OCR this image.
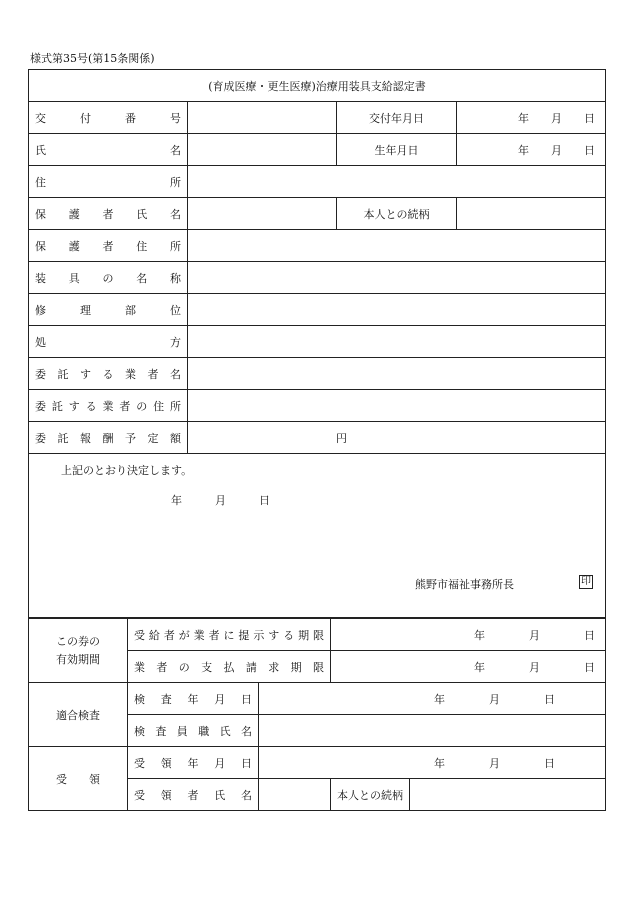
様式第35号(第15条関係)
(育成医療・更生医療)治療用装具支給認定書			
交付番号		交付年月日	年　　月　　日
氏名		生年月日	年　　月　　日
住所			
保護者氏名		本人との続柄	
保護者住所			
装具の名称			
修理部位			
処方			
委託する業者名			
委託する業者の住所			
委託報酬予定額	円		

上記のとおり決定します。
年　　　月　　　日
熊野市福祉事務所長 印			
この券の
有効期間	受給者が業者に提示する期限		年　　　　月　　　　日	
	業者の支払請求期限		年　　　　月　　　　日	
適合検査	検査年月日	年　　　　月　　　　日		
	検査員職氏名			
受　　領	受領年月日	年　　　　月　　　　日		
	受領者氏名		本人との続柄	
